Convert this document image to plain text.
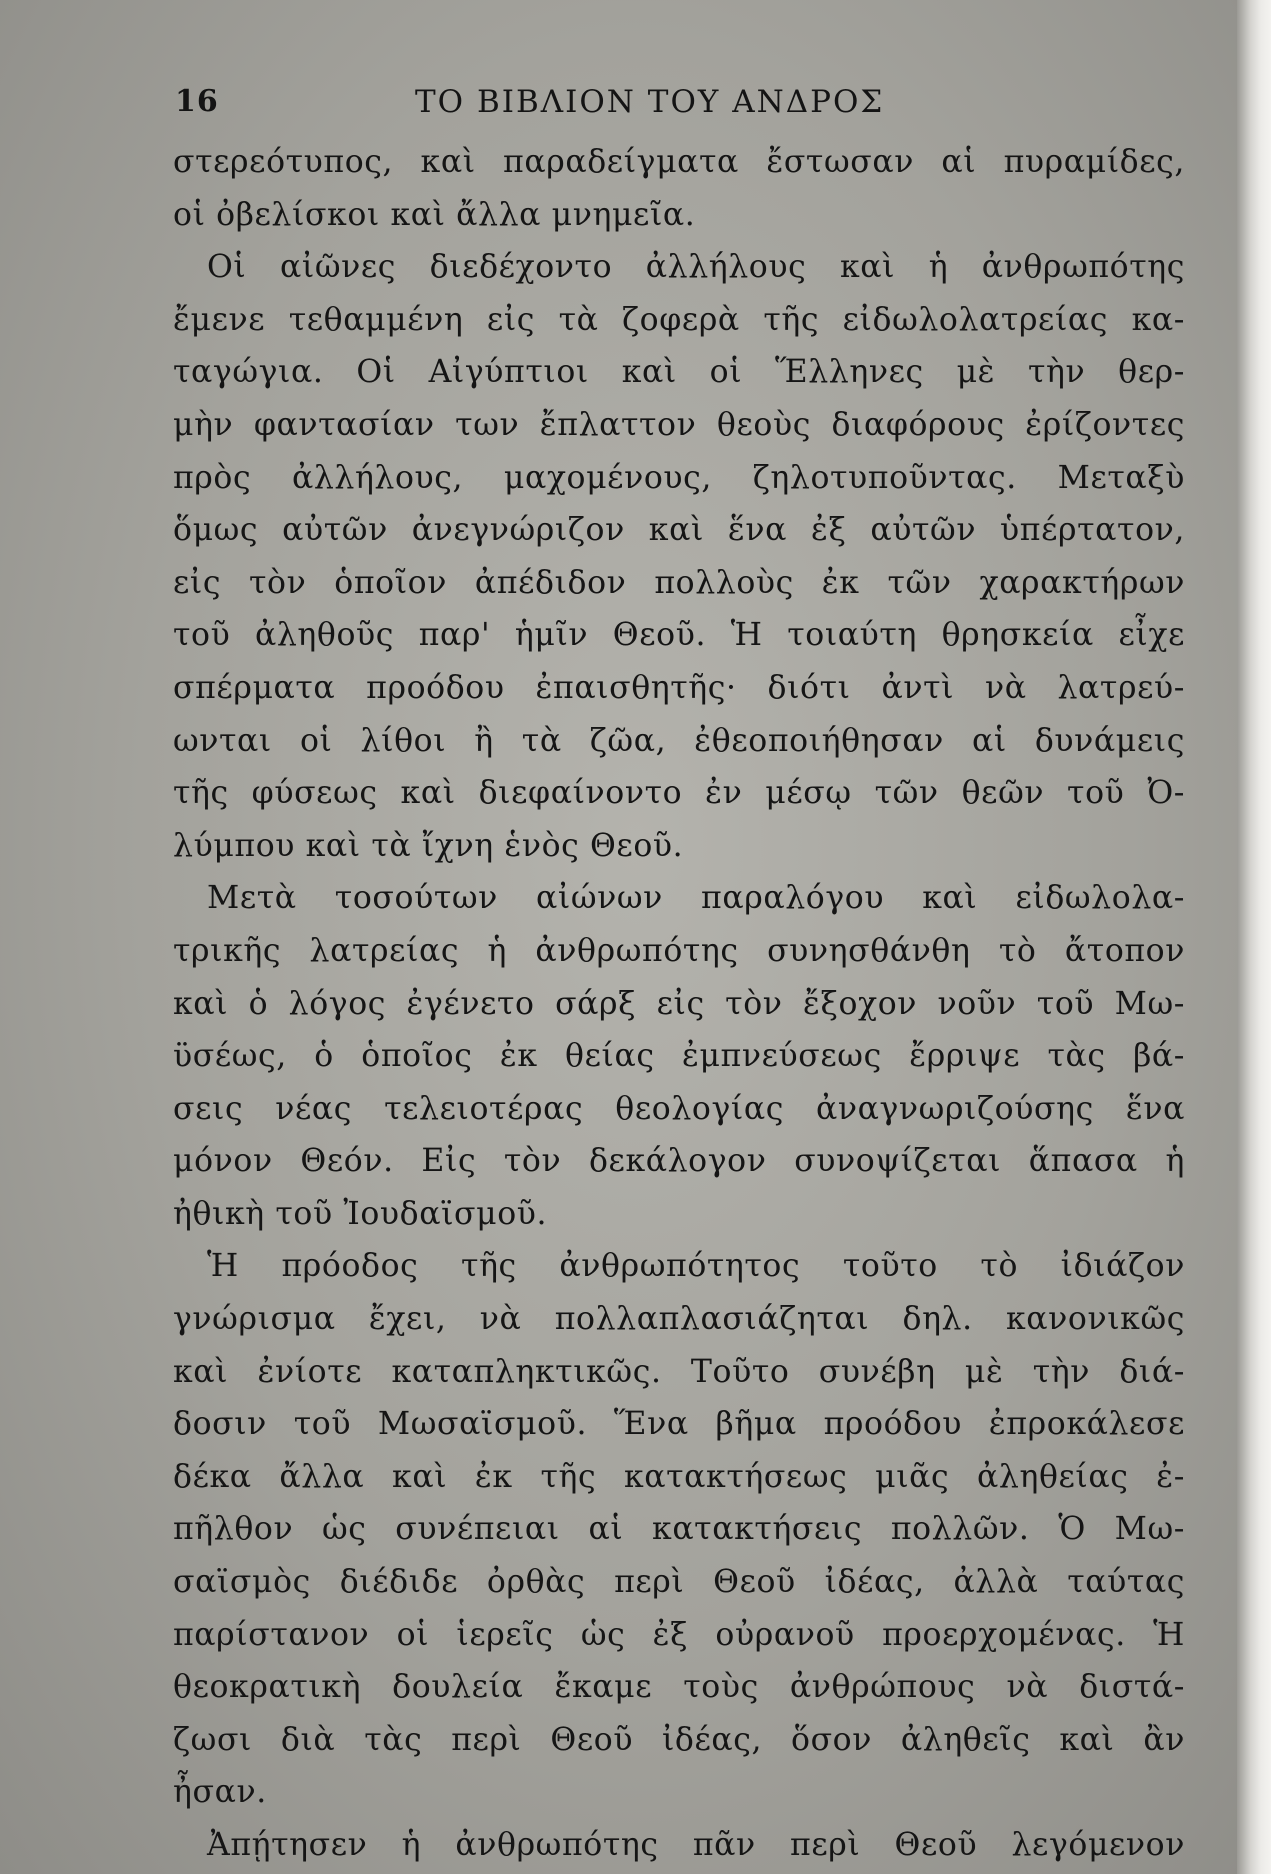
16	ΤΟ ΒΙΒΛΙΟΝ ΤΟΥ ΑΝΔΡΟΣ
στερεότυπος, καὶ παραδείγματα ἔστωσαν αἱ πυραμίδες,
οἱ ὀβελίσκοι καὶ ἄλλα μνημεῖα.
Οἱ αἰῶνες διεδέχοντο ἀλλήλους καὶ ἡ ἀνθρωπότης
ἔμενε τεθαμμένη εἰς τὰ ζοφερὰ τῆς εἰδωλολατρείας κα-
ταγώγια. Οἱ Αἰγύπτιοι καὶ οἱ Ἕλληνες μὲ τὴν θερ-
μὴν φαντασίαν των ἔπλαττον θεοὺς διαφόρους ἐρίζοντες
πρὸς ἀλλήλους, μαχομένους, ζηλοτυποῦντας. Μεταξὺ
ὅμως αὐτῶν ἀνεγνώριζον καὶ ἕνα ἐξ αὐτῶν ὑπέρτατον,
εἰς τὸν ὁποῖον ἀπέδιδον πολλοὺς ἐκ τῶν χαρακτήρων
τοῦ ἀληθοῦς παρ' ἡμῖν Θεοῦ. Ἡ τοιαύτη θρησκεία εἶχε
σπέρματα προόδου ἐπαισθητῆς· διότι ἀντὶ νὰ λατρεύ-
ωνται οἱ λίθοι ἢ τὰ ζῶα, ἐθεοποιήθησαν αἱ δυνάμεις
τῆς φύσεως καὶ διεφαίνοντο ἐν μέσῳ τῶν θεῶν τοῦ Ὀ-
λύμπου καὶ τὰ ἴχνη ἑνὸς Θεοῦ.
Μετὰ τοσούτων αἰώνων παραλόγου καὶ εἰδωλολα-
τρικῆς λατρείας ἡ ἀνθρωπότης συνησθάνθη τὸ ἄτοπον
καὶ ὁ λόγος ἐγένετο σάρξ εἰς τὸν ἔξοχον νοῦν τοῦ Μω-
ϋσέως, ὁ ὁποῖος ἐκ θείας ἐμπνεύσεως ἔρριψε τὰς βά-
σεις νέας τελειοτέρας θεολογίας ἀναγνωριζούσης ἕνα
μόνον Θεόν. Εἰς τὸν δεκάλογον συνοψίζεται ἅπασα ἡ
ἠθικὴ τοῦ Ἰουδαϊσμοῦ.
Ἡ πρόοδος τῆς ἀνθρωπότητος τοῦτο τὸ ἰδιάζον
γνώρισμα ἔχει, νὰ πολλαπλασιάζηται δηλ. κανονικῶς
καὶ ἐνίοτε καταπληκτικῶς. Τοῦτο συνέβη μὲ τὴν διά-
δοσιν τοῦ Μωσαϊσμοῦ. Ἕνα βῆμα προόδου ἐπροκάλεσε
δέκα ἄλλα καὶ ἐκ τῆς κατακτήσεως μιᾶς ἀληθείας ἐ-
πῆλθον ὡς συνέπειαι αἱ κατακτήσεις πολλῶν. Ὁ Μω-
σαϊσμὸς διέδιδε ὀρθὰς περὶ Θεοῦ ἰδέας, ἀλλὰ ταύτας
παρίστανον οἱ ἱερεῖς ὡς ἐξ οὐρανοῦ προερχομένας. Ἡ
θεοκρατικὴ δουλεία ἔκαμε τοὺς ἀνθρώπους νὰ διστά-
ζωσι διὰ τὰς περὶ Θεοῦ ἰδέας, ὅσον ἀληθεῖς καὶ ἂν
ἦσαν.
Ἀπῄτησεν ἡ ἀνθρωπότης πᾶν περὶ Θεοῦ λεγόμενον
